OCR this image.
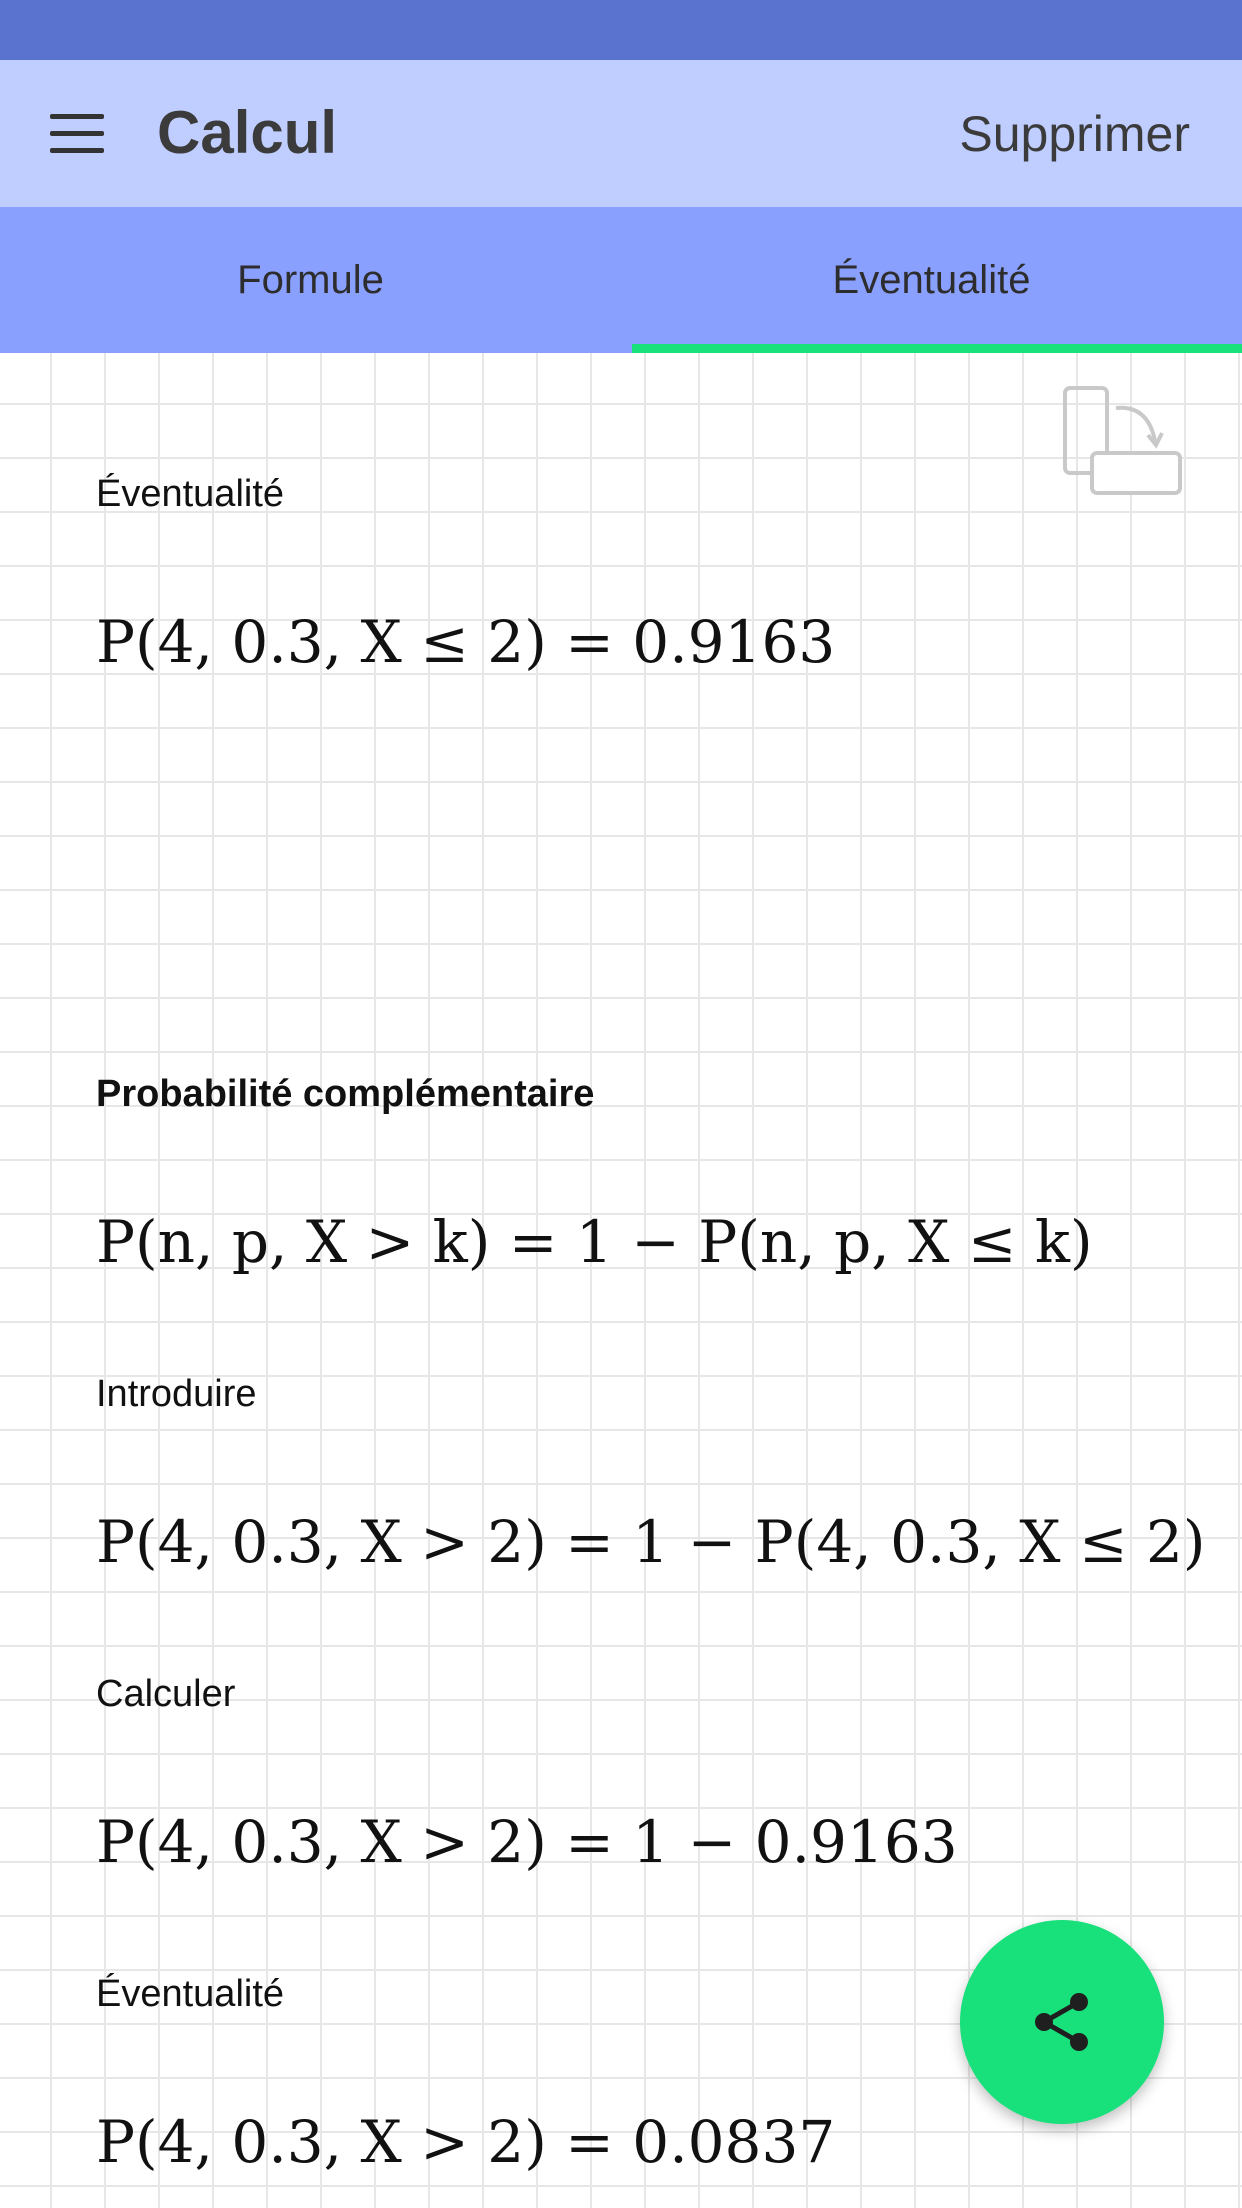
Calcul	Supprimer
Formule	Éventualité
Éventualité
P(4, 0.3, X ≤ 2) = 0.9163
Probabilité complémentaire
P(n, p, X > k) = 1 − P(n, p, X ≤ k)
Introduire
P(4, 0.3, X > 2) = 1 − P(4, 0.3, X ≤ 2)
Calculer
P(4, 0.3, X > 2) = 1 − 0.9163
Éventualité
P(4, 0.3, X > 2) = 0.0837
